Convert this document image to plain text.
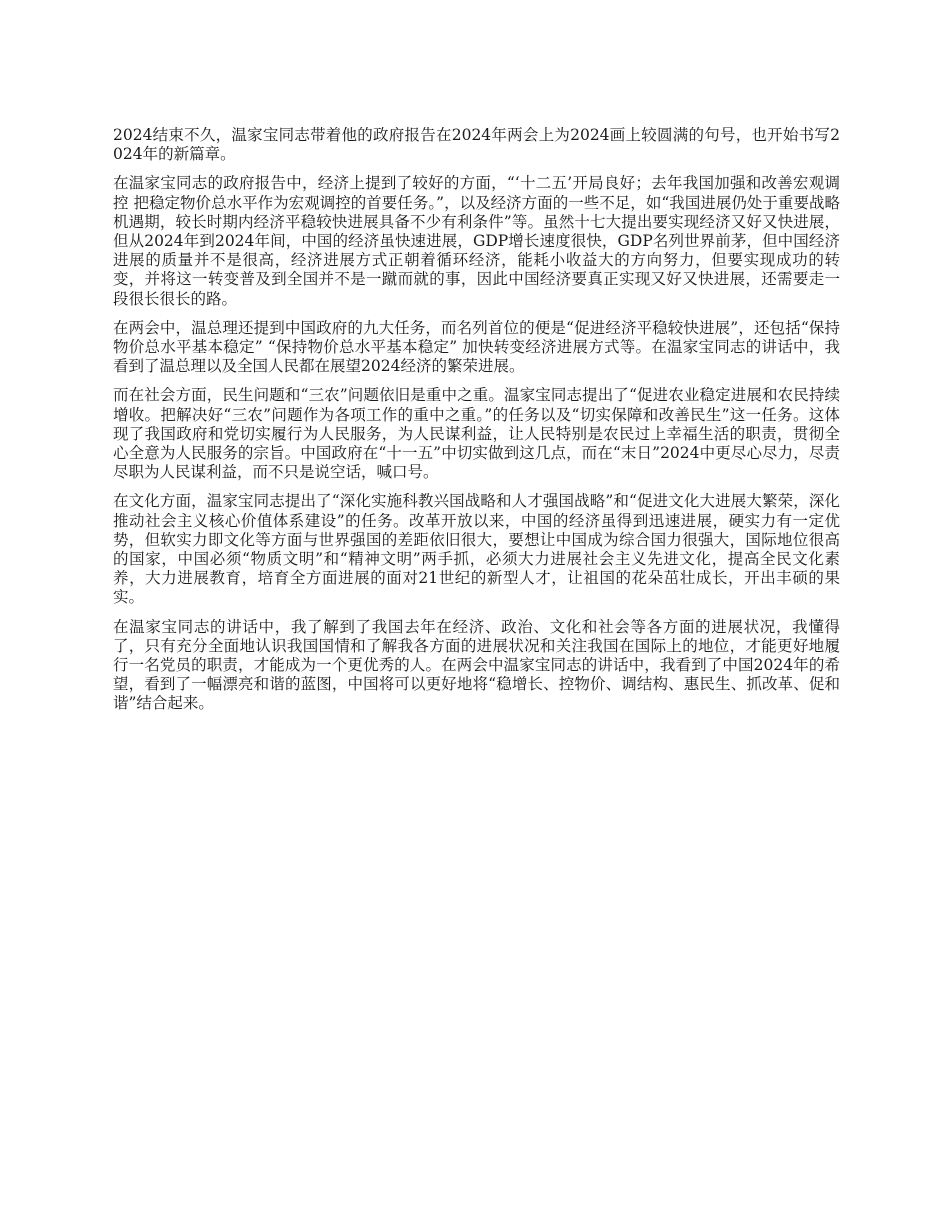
2024结束不久，温家宝同志带着他的政府报告在2024年两会上为2024画上较圆满的句号，也开始书写2024年的新篇章。

在温家宝同志的政府报告中，经济上提到了较好的方面，“‘十二五’开局良好；去年我国加强和改善宏观调控 把稳定物价总水平作为宏观调控的首要任务。”，以及经济方面的一些不足，如“我国进展仍处于重要战略机遇期，较长时期内经济平稳较快进展具备不少有利条件”等。虽然十七大提出要实现经济又好又快进展，但从2024年到2024年间，中国的经济虽快速进展，GDP增长速度很快，GDP名列世界前茅，但中国经济进展的质量并不是很高，经济进展方式正朝着循环经济，能耗小收益大的方向努力，但要实现成功的转变，并将这一转变普及到全国并不是一蹴而就的事，因此中国经济要真正实现又好又快进展，还需要走一段很长很长的路。

在两会中，温总理还提到中国政府的九大任务，而名列首位的便是“促进经济平稳较快进展”，还包括“保持物价总水平基本稳定” “保持物价总水平基本稳定” 加快转变经济进展方式等。在温家宝同志的讲话中，我看到了温总理以及全国人民都在展望2024经济的繁荣进展。

而在社会方面，民生问题和“三农”问题依旧是重中之重。温家宝同志提出了“促进农业稳定进展和农民持续增收。把解决好“三农”问题作为各项工作的重中之重。”的任务以及“切实保障和改善民生”这一任务。这体现了我国政府和党切实履行为人民服务，为人民谋利益，让人民特别是农民过上幸福生活的职责，贯彻全心全意为人民服务的宗旨。中国政府在“十一五”中切实做到这几点，而在“末日”2024中更尽心尽力，尽责尽职为人民谋利益，而不只是说空话，喊口号。

在文化方面，温家宝同志提出了“深化实施科教兴国战略和人才强国战略”和“促进文化大进展大繁荣，深化推动社会主义核心价值体系建设”的任务。改革开放以来，中国的经济虽得到迅速进展，硬实力有一定优势，但软实力即文化等方面与世界强国的差距依旧很大，要想让中国成为综合国力很强大，国际地位很高的国家，中国必须“物质文明”和“精神文明”两手抓，必须大力进展社会主义先进文化，提高全民文化素养，大力进展教育，培育全方面进展的面对21世纪的新型人才，让祖国的花朵茁壮成长，开出丰硕的果实。

在温家宝同志的讲话中，我了解到了我国去年在经济、政治、文化和社会等各方面的进展状况，我懂得了，只有充分全面地认识我国国情和了解我各方面的进展状况和关注我国在国际上的地位，才能更好地履行一名党员的职责，才能成为一个更优秀的人。在两会中温家宝同志的讲话中，我看到了中国2024年的希望，看到了一幅漂亮和谐的蓝图，中国将可以更好地将“稳增长、控物价、调结构、惠民生、抓改革、促和谐”结合起来。
